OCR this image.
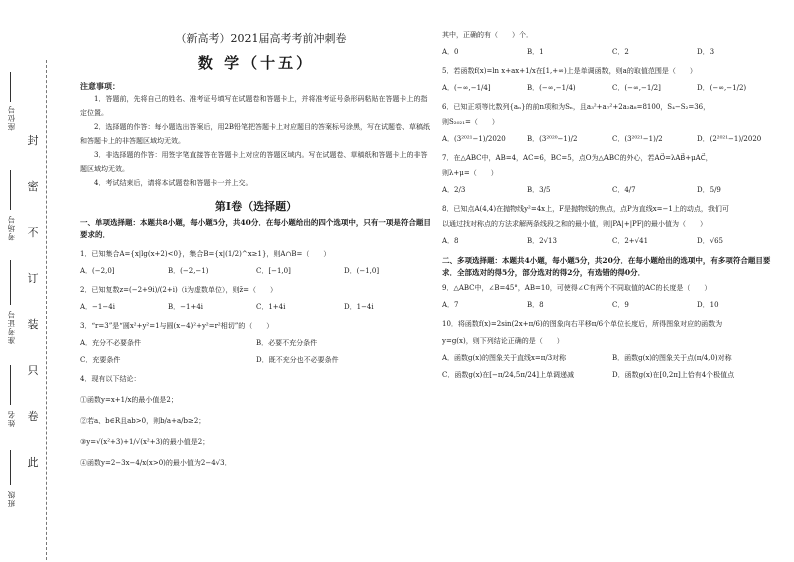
封
密
不
订
装
只
卷
此
座位号
考场号
准考证号
姓名
班级
（新高考）2021届高考考前冲刺卷
数 学（十五）
注意事项：
1．答题前，先将自己的姓名、准考证号填写在试题卷和答题卡上，并将准考证号条形码粘贴在答题卡上的指定位置。
2．选择题的作答：每小题选出答案后，用2B铅笔把答题卡上对应题目的答案标号涂黑，写在试题卷、草稿纸和答题卡上的非答题区域均无效。
3．非选择题的作答：用签字笔直接答在答题卡上对应的答题区域内。写在试题卷、草稿纸和答题卡上的非答题区域均无效。
4．考试结束后，请将本试题卷和答题卡一并上交。
第Ⅰ卷（选择题）
一、单项选择题：本题共8小题，每小题5分，共40分．在每小题给出的四个选项中，只有一项是符合题目要求的．
1．已知集合A={x|lg(x+2)<0}，集合B={x|(1/2)^x≥1}，则A∩B=（　　）
A．(−2,0]	B．(−2,−1)	C．[−1,0]	D．(−1,0]
2．已知复数z=(−2+9i)/(2+i)（i为虚数单位），则z̄=（　　）
A．−1−4i	B．−1+4i	C．1+4i	D．1−4i
3．“r=3”是“圆x²+y²=1与圆(x−4)²+y²=r²相切”的（　　）
A．充分不必要条件	B．必要不充分条件
C．充要条件	D．既不充分也不必要条件
4．现有以下结论：
①函数y=x+1/x的最小值是2；
②若a、b∈R且ab>0，则b/a+a/b≥2；
③y=√(x²+3)+1/√(x²+3)的最小值是2；
④函数y=2−3x−4/x(x>0)的最小值为2−4√3．
其中，正确的有（　　）个．
A．0	B．1	C．2	D．3
5．若函数f(x)=ln x+ax+1/x在[1,+∞)上是单调函数，则a的取值范围是（　　）
A．(−∞,−1/4]	B．(−∞,−1/4)	C．(−∞,−1/2]	D．(−∞,−1/2)
6．已知正项等比数列{aₙ}的前n项和为Sₙ，且a₃²+a₇²+2a₂a₈=8100，S₄−S₂=36，
则S₂₀₂₁=（　　）
A．(3²⁰²¹−1)/2020	B．(3²⁰²⁰−1)/2	C．(3²⁰²¹−1)/2	D．(2²⁰²¹−1)/2020
7．在△ABC中，AB=4，AC=6，BC=5，点O为△ABC的外心，若AO⃗=λAB⃗+μAC⃗，
则λ+μ=（　　）
A．2/3	B．3/5	C．4/7	D．5/9
8．已知点A(4,4)在抛物线y²=4x上，F是抛物线的焦点，点P为直线x=−1上的动点，我们可
以通过找对称点的方法求解两条线段之和的最小值，则|PA|+|PF|的最小值为（　　）
A．8	B．2√13	C．2+√41	D．√65
二、多项选择题：本题共4小题，每小题5分，共20分．在每小题给出的选项中，有多项符合题目要求．全部选对的得5分，部分选对的得2分，有选错的得0分．
9．△ABC中，∠B=45°，AB=10，可使得∠C有两个不同取值的AC的长度是（　　）
A．7	B．8	C．9	D．10
10．将函数f(x)=2sin(2x+π/6)的图象向右平移π/6个单位长度后，所得图象对应的函数为
y=g(x)，则下列结论正确的是（　　）
A．函数g(x)的图象关于直线x=π/3对称	B．函数g(x)的图象关于点(π/4,0)对称
C．函数g(x)在[−π/24,5π/24]上单调递减	D．函数g(x)在[0,2π]上恰有4个极值点
